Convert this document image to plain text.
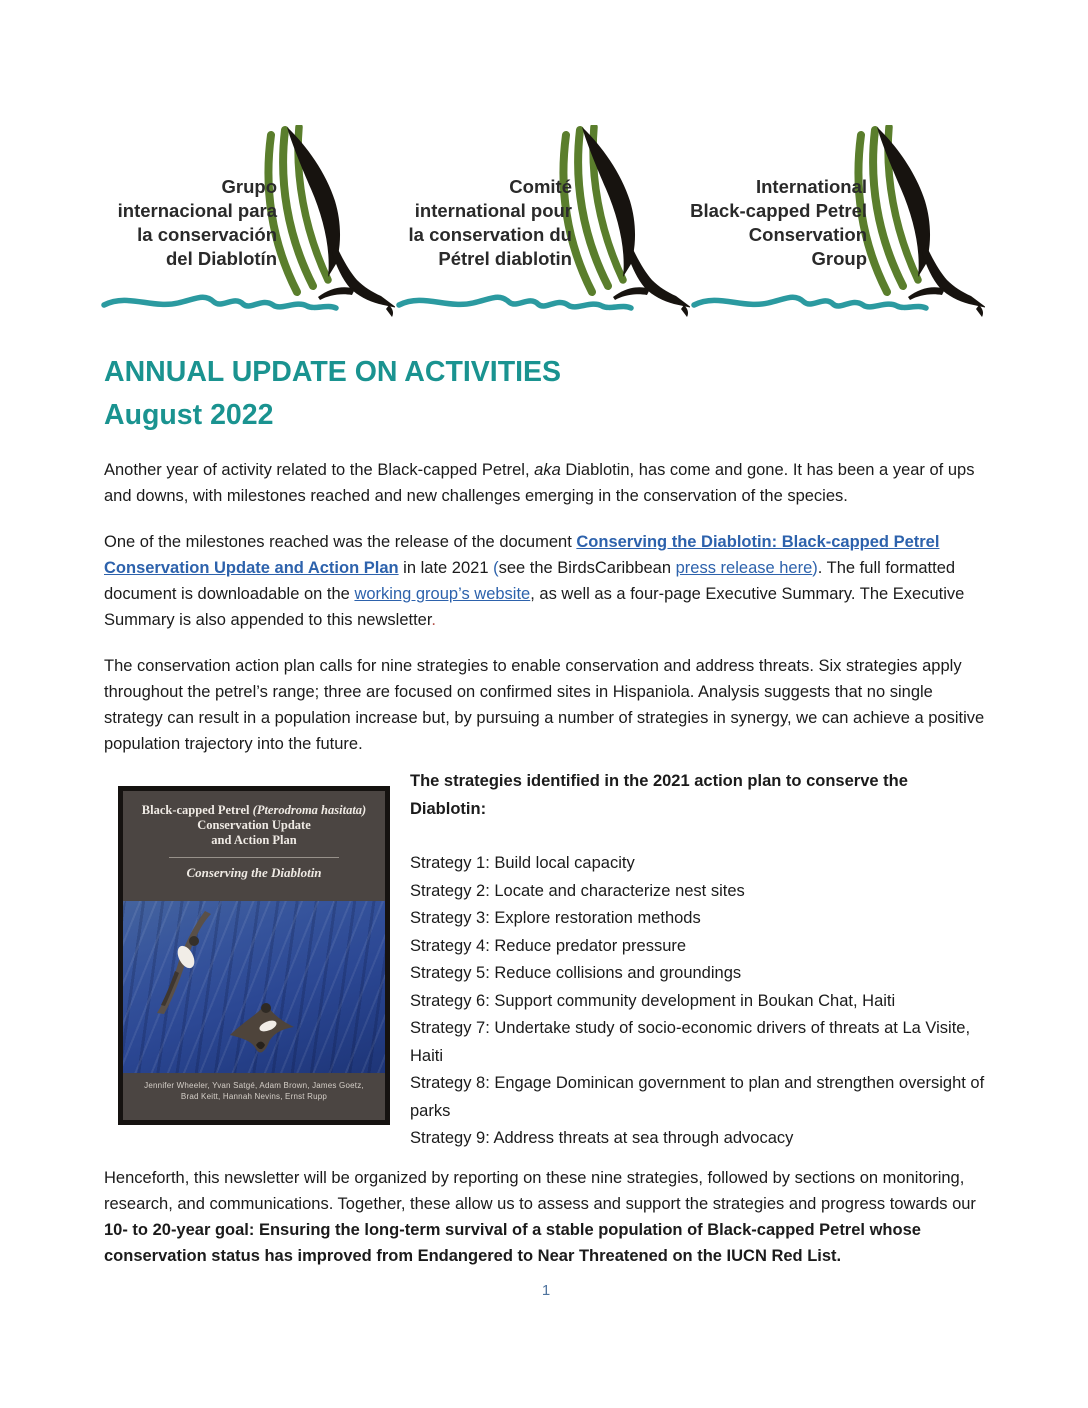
Grupo
internacional para
la conservación
del Diablotín
Comité
international pour
la conservation du
Pétrel diablotin
International
Black-capped Petrel
Conservation
Group
ANNUAL UPDATE ON ACTIVITIES
August 2022

Another year of activity related to the Black-capped Petrel, aka Diablotin, has come and gone. It has been a year of ups and downs, with milestones reached and new challenges emerging in the conservation of the species.

One of the milestones reached was the release of the document Conserving the Diablotin: Black-capped Petrel Conservation Update and Action Plan in late 2021 (see the BirdsCaribbean press release here). The full formatted document is downloadable on the working group’s website, as well as a four-page Executive Summary. The Executive Summary is also appended to this newsletter.

The conservation action plan calls for nine strategies to enable conservation and address threats. Six strategies apply throughout the petrel’s range; three are focused on confirmed sites in Hispaniola. Analysis suggests that no single strategy can result in a population increase but, by pursuing a number of strategies in synergy, we can achieve a positive population trajectory into the future.

Black-capped Petrel (Pterodroma hasitata)
Conservation Update
and Action Plan
Conserving the Diablotin
Jennifer Wheeler, Yvan Satgé, Adam Brown, James Goetz,
Brad Keitt, Hannah Nevins, Ernst Rupp

The strategies identified in the 2021 action plan to conserve the Diablotin:

Strategy 1: Build local capacity
Strategy 2: Locate and characterize nest sites
Strategy 3: Explore restoration methods
Strategy 4: Reduce predator pressure
Strategy 5: Reduce collisions and groundings
Strategy 6: Support community development in Boukan Chat, Haiti
Strategy 7: Undertake study of socio-economic drivers of threats at La Visite, Haiti
Strategy 8: Engage Dominican government to plan and strengthen oversight of parks
Strategy 9: Address threats at sea through advocacy

Henceforth, this newsletter will be organized by reporting on these nine strategies, followed by sections on monitoring, research, and communications. Together, these allow us to assess and support the strategies and progress towards our 10- to 20-year goal: Ensuring the long-term survival of a stable population of Black-capped Petrel whose conservation status has improved from Endangered to Near Threatened on the IUCN Red List.

1
